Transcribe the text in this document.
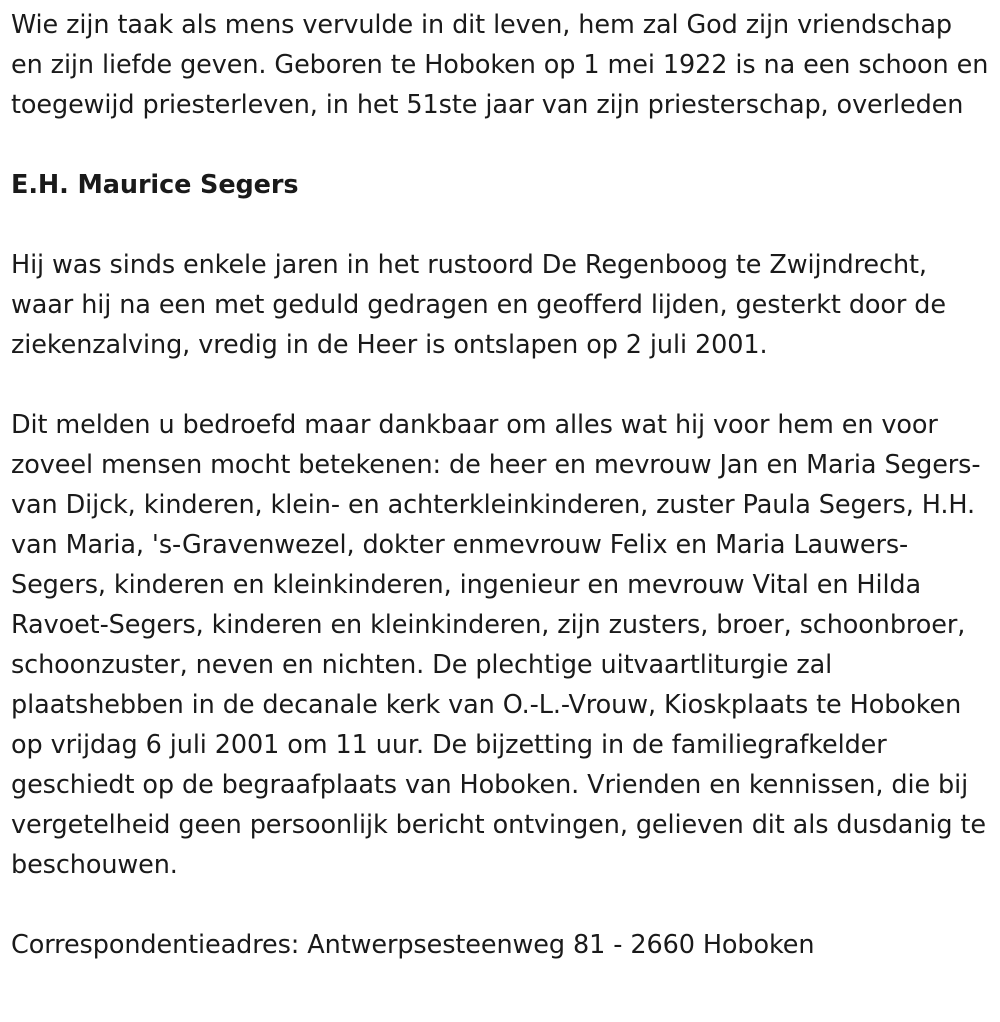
Wie zijn taak als mens vervulde in dit leven, hem zal God zijn vriendschap en zijn liefde geven. Geboren te Hoboken op 1 mei 1922 is na een schoon en toegewijd priesterleven, in het 51ste jaar van zijn priesterschap, overleden

E.H. Maurice Segers

Hij was sinds enkele jaren in het rustoord De Regenboog te Zwijndrecht, waar hij na een met geduld gedragen en geofferd lijden, gesterkt door de ziekenzalving, vredig in de Heer is ontslapen op 2 juli 2001.

Dit melden u bedroefd maar dankbaar om alles wat hij voor hem en voor zoveel mensen mocht betekenen: de heer en mevrouw Jan en Maria Segers-van Dijck, kinderen, klein- en achterkleinkinderen, zuster Paula Segers, H.H. van Maria, 's-Gravenwezel, dokter enmevrouw Felix en Maria Lauwers-Segers, kinderen en kleinkinderen, ingenieur en mevrouw Vital en Hilda Ravoet-Segers, kinderen en kleinkinderen, zijn zusters, broer, schoonbroer, schoonzuster, neven en nichten. De plechtige uitvaartliturgie zal plaatshebben in de decanale kerk van O.-L.-Vrouw, Kioskplaats te Hoboken op vrijdag 6 juli 2001 om 11 uur. De bijzetting in de familiegrafkelder geschiedt op de begraafplaats van Hoboken. Vrienden en kennissen, die bij vergetelheid geen persoonlijk bericht ontvingen, gelieven dit als dusdanig te beschouwen.

Correspondentieadres: Antwerpsesteenweg 81 - 2660 Hoboken
